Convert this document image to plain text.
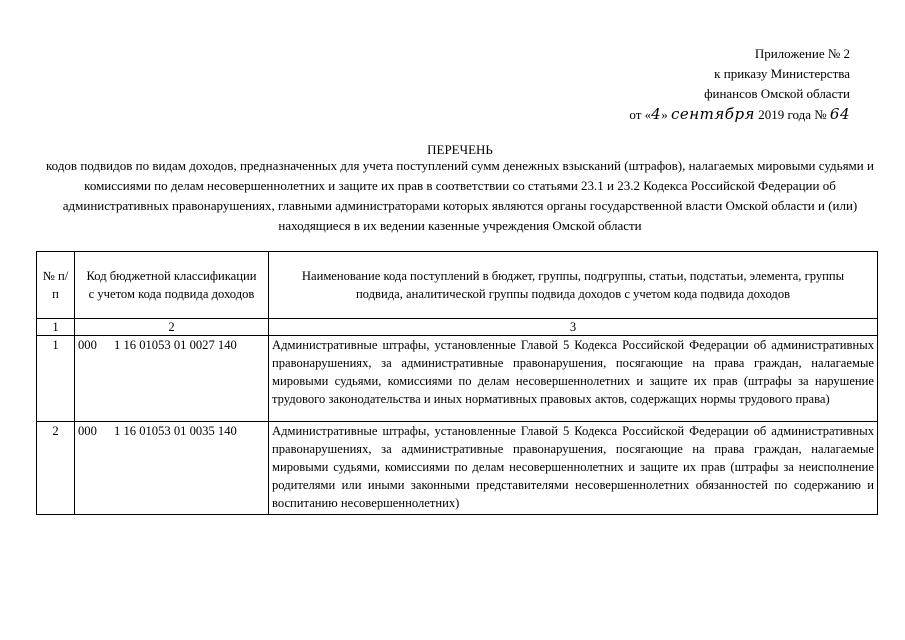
Приложение № 2
к приказу Министерства
финансов Омской области
от «4» сентября 2019 года № 64
ПЕРЕЧЕНЬ
кодов подвидов по видам доходов, предназначенных для учета поступлений сумм денежных взысканий (штрафов), налагаемых мировыми судьями и комиссиями по делам несовершеннолетних и защите их прав в соответствии со статьями 23.1 и 23.2 Кодекса Российской Федерации об административных правонарушениях, главными администраторами которых являются органы государственной власти Омской области и (или) находящиеся в их ведении казенные учреждения Омской области
№ п/п	Код бюджетной классификации с учетом кода подвида доходов	Наименование кода поступлений в бюджет, группы, подгруппы, статьи, подстатьи, элемента, группы подвида, аналитической группы подвида доходов с учетом кода подвида доходов
1	2	3
1	000 1 16 01053 01 0027 140	Административные штрафы, установленные Главой 5 Кодекса Российской Федерации об административных правонарушениях, за административные правонарушения, посягающие на права граждан, налагаемые мировыми судьями, комиссиями по делам несовершеннолетних и защите их прав (штрафы за нарушение трудового законодательства и иных нормативных правовых актов, содержащих нормы трудового права)
2	000 1 16 01053 01 0035 140	Административные штрафы, установленные Главой 5 Кодекса Российской Федерации об административных правонарушениях, за административные правонарушения, посягающие на права граждан, налагаемые мировыми судьями, комиссиями по делам несовершеннолетних и защите их прав (штрафы за неисполнение родителями или иными законными представителями несовершеннолетних обязанностей по содержанию и воспитанию несовершеннолетних)
